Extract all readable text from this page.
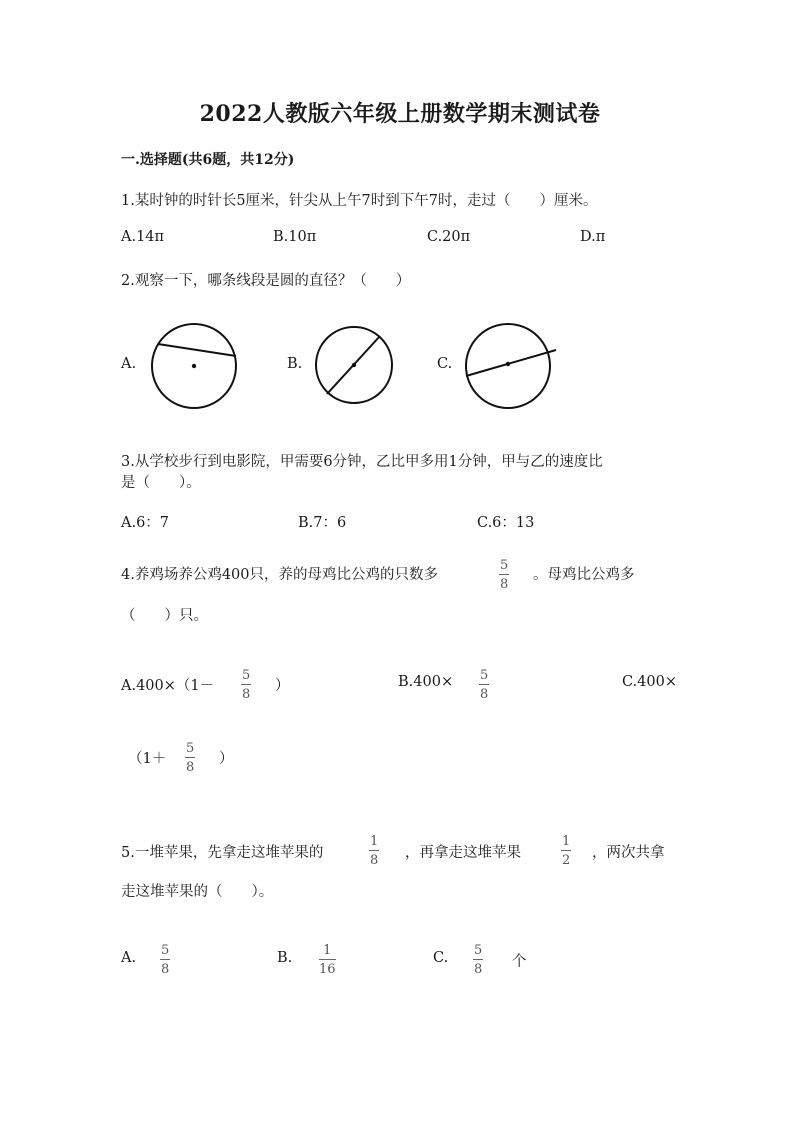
2022人教版六年级上册数学期末测试卷
一.选择题(共6题，共12分)
1.某时钟的时针长5厘米，针尖从上午7时到下午7时，走过（　　）厘米。
A.14π	B.10π	C.20π	D.π
2.观察一下，哪条线段是圆的直径？（　　）
A.	B.	C.
3.从学校步行到电影院，甲需要6分钟，乙比甲多用1分钟，甲与乙的速度比
是（　　）。
A.6：7	B.7：6	C.6：13
4.养鸡场养公鸡400只，养的母鸡比公鸡的只数多
5
8
。母鸡比公鸡多
（　　）只。
A.400×（1－
5
8
）	B.400× 5
8
C.400×
（1＋
5
8
）
5.一堆苹果，先拿走这堆苹果的
1
8 ，再拿走这堆苹果
1
2 ，两次共拿
走这堆苹果的（　　）。
A. 5
8
B. 1
16
C. 5
8 个
